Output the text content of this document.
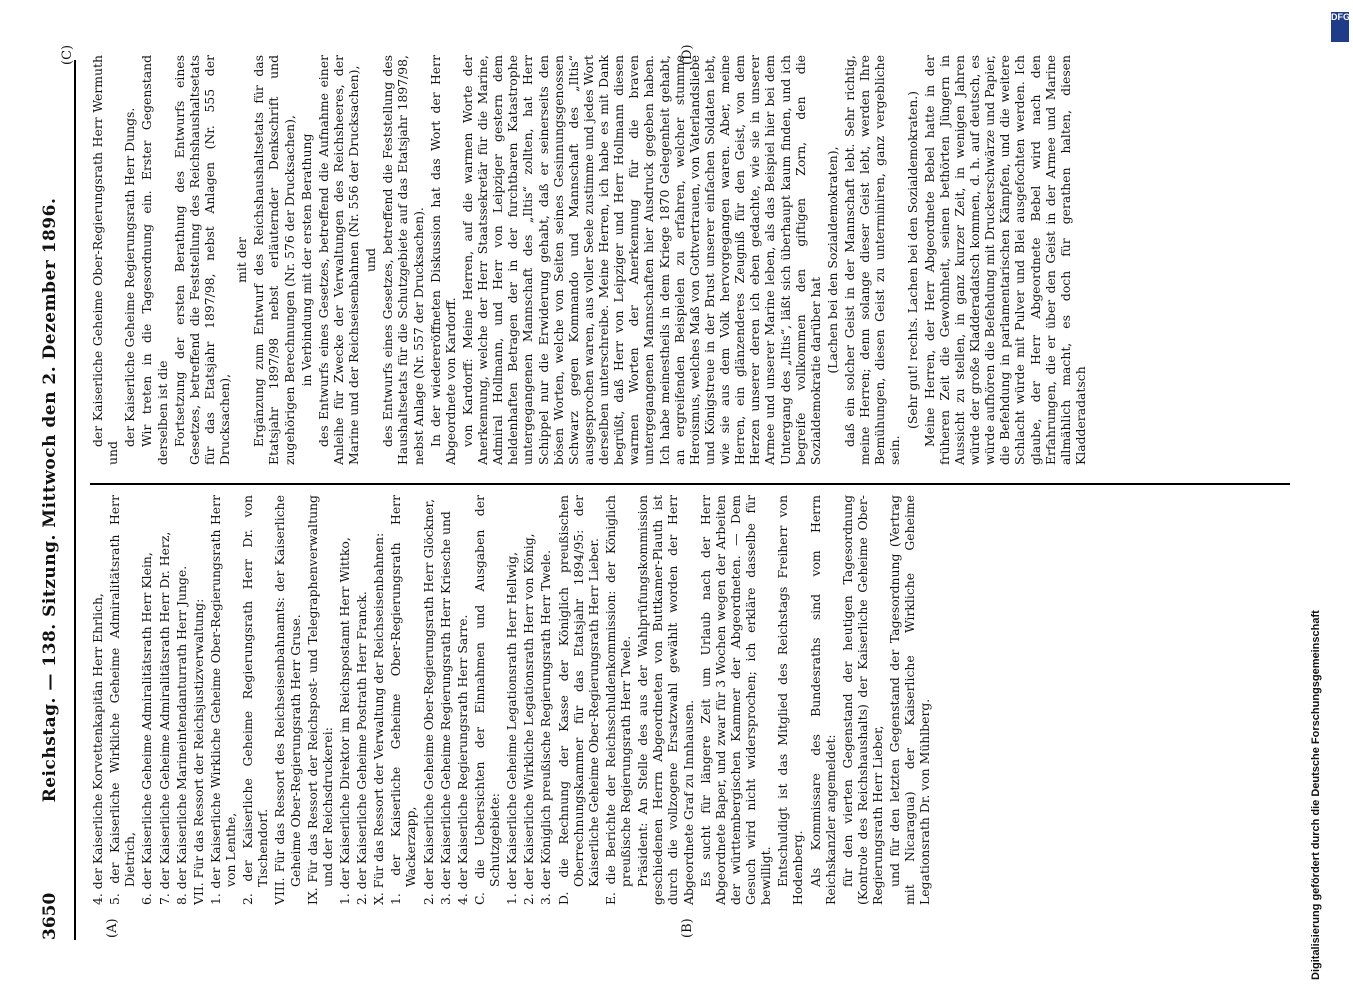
3650
Reichstag. — 138. Sitzung. Mittwoch den 2. Dezember 1896.
(A)	(B)
(C)	(D)

4. der Kaiserliche Korvettenkapitän Herr Ehrlich, 5. der Kaiserliche Wirkliche Geheime Admiralitätsrath Herr Dietrich, 6. der Kaiserliche Geheime Admiralitätsrath Herr Klein, 7. der Kaiserliche Geheime Admiralitätsrath Herr Dr. Herz, 8. der Kaiserliche Marineintendanturrath Herr Junge. VII. Für das Ressort der Reichsjustizverwaltung: 1. der Kaiserliche Wirkliche Geheime Ober-Regierungsrath Herr von Lenthe, 2. der Kaiserliche Geheime Regierungsrath Herr Dr. von Tischendorf. VIII. Für das Ressort des Reichseisenbahnamts: der Kaiserliche Geheime Ober-Regierungsrath Herr Gruse. IX. Für das Ressort der Reichspost- und Telegraphenverwaltung und der Reichsdruckerei: 1. der Kaiserliche Direktor im Reichspostamt Herr Wittko, 2. der Kaiserliche Geheime Postrath Herr Franck. X. Für das Ressort der Verwaltung der Reichseisenbahnen: 1. der Kaiserliche Geheime Ober-Regierungsrath Herr Wackerzapp, 2. der Kaiserliche Geheime Ober-Regierungsrath Herr Glöckner, 3. der Kaiserliche Geheime Regierungsrath Herr Kriesche und 4. der Kaiserliche Regierungsrath Herr Sarre. C. die Uebersichten der Einnahmen und Ausgaben der Schutzgebiete: 1. der Kaiserliche Geheime Legationsrath Herr Hellwig, 2. der Kaiserliche Wirkliche Legationsrath Herr von König, 3. der Königlich preußische Regierungsrath Herr Twele. D. die Rechnung der Kasse der Königlich preußischen Oberrechnungskammer für das Etatsjahr 1894/95: der Kaiserliche Geheime Ober-Regierungsrath Herr Lieber. E. die Berichte der Reichsschuldenkommission: der Königlich preußische Regierungsrath Herr Twele. Präsident: An Stelle des aus der Wahlprüfungskommission geschiedenen Herrn Abgeordneten von Buttkamer-Plauth ist durch die vollzogene Ersatzwahl gewählt worden der Herr Abgeordnete Graf zu Innhausen. Es sucht für längere Zeit um Urlaub nach der Herr Abgeordnete Baper, und zwar für 3 Wochen wegen der Arbeiten der württembergischen Kammer der Abgeordneten. — Dem Gesuch wird nicht widersprochen; ich erkläre dasselbe für bewilligt. Entschuldigt ist das Mitglied des Reichstags Freiherr von Hodenberg. Als Kommissare des Bundesraths sind vom Herrn Reichskanzler angemeldet: für den vierten Gegenstand der heutigen Tagesordnung (Kontrole des Reichshaushalts) der Kaiserliche Geheime Ober-Regierungsrath Herr Lieber, und für den letzten Gegenstand der Tagesordnung (Vertrag mit Nicaragua) der Kaiserliche Wirkliche Geheime Legationsrath Dr. von Mühlberg.

der Kaiserliche Geheime Ober-Regierungsrath Herr Wermuth und

der Kaiserliche Geheime Regierungsrath Herr Dungs. Wir treten in die Tagesordnung ein. Erster Gegenstand derselben ist die Fortsetzung der ersten Berathung des Entwurfs eines Gesetzes, betreffend die Feststellung des Reichshaushaltsetats für das Etatsjahr 1897/98, nebst Anlagen (Nr. 555 der Drucksachen),

mit der Ergänzung zum Entwurf des Reichshaushaltsetats für das Etatsjahr 1897/98 nebst erläuternder Denkschrift und zugehörigen Berechnungen (Nr. 576 der Drucksachen), in Verbindung mit der ersten Berathung des Entwurfs eines Gesetzes, betreffend die Aufnahme einer Anleihe für Zwecke der Verwaltungen des Reichsheeres, der Marine und der Reichseisenbahnen (Nr. 556 der Drucksachen), und des Entwurfs eines Gesetzes, betreffend die Feststellung des Haushaltsetats für die Schutzgebiete auf das Etatsjahr 1897/98, nebst Anlage (Nr. 557 der Drucksachen). In der wiedereröffneten Diskussion hat das Wort der Herr Abgeordnete von Kardorff. von Kardorff: Meine Herren, auf die warmen Worte der Anerkennung, welche der Herr Staatssekretär für die Marine, Admiral Hollmann, und Herr von Leipziger gestern dem heldenhaften Betragen der in der furchtbaren Katastrophe untergegangenen Mannschaft des „Iltis“ zollten, hat Herr Schippel nur die Erwiderung gehabt, daß er seinerseits den bösen Worten, welche von Seiten seines Gesinnungsgenossen Schwarz gegen Kommando und Mannschaft des „Iltis“ ausgesprochen waren, aus voller Seele zustimme und jedes Wort derselben unterschreibe. Meine Herren, ich habe es mit Dank begrüßt, daß Herr von Leipziger und Herr Hollmann diesen warmen Worten der Anerkennung für die braven untergegangenen Mannschaften hier Ausdruck gegeben haben. Ich habe meinestheils in dem Kriege 1870 Gelegenheit gehabt, an ergreifenden Beispielen zu erfahren, welcher stumme Heroismus, welches Maß von Gottvertrauen, von Vaterlandsliebe und Königstreue in der Brust unserer einfachen Soldaten lebt, wie sie aus dem Volk hervorgegangen waren. Aber, meine Herren, ein glänzenderes Zeugniß für den Geist, von dem Herzen unserer deren ich eben gedachte, wie sie in unserer Armee und unserer Marine leben, als das Beispiel hier bei dem Untergang des „Iltis“, läßt sich überhaupt kaum finden, und ich begreife vollkommen den giftigen Zorn, den die Sozialdemokratie darüber hat (Lachen bei den Sozialdemokraten), daß ein solcher Geist in der Mannschaft lebt. Sehr richtig, meine Herren; denn solange dieser Geist lebt, werden Ihre Bemühungen, diesen Geist zu unterminiren, ganz vergebliche sein.

(Sehr gut! rechts. Lachen bei den Sozialdemokraten.) Meine Herren, der Herr Abgeordnete Bebel hatte in der früheren Zeit die Gewohnheit, seinen bethörten Jüngern in Aussicht zu stellen, in ganz kurzer Zeit, in wenigen Jahren würde der große Kladderadatsch kommen, d. h. auf deutsch, es würde aufhören die Befehdung mit Druckerschwärze und Papier, die Befehdung in parlamentarischen Kämpfen, und die weitere Schlacht würde mit Pulver und Blei ausgefochten werden. Ich glaube, der Herr Abgeordnete Bebel wird nach den Erfahrungen, die er über den Geist in der Armee und Marine allmählich macht, es doch für gerathen halten, diesen Kladderadatsch

Digitalisierung gefördert durch die Deutsche Forschungsgemeinschaft
DFG
